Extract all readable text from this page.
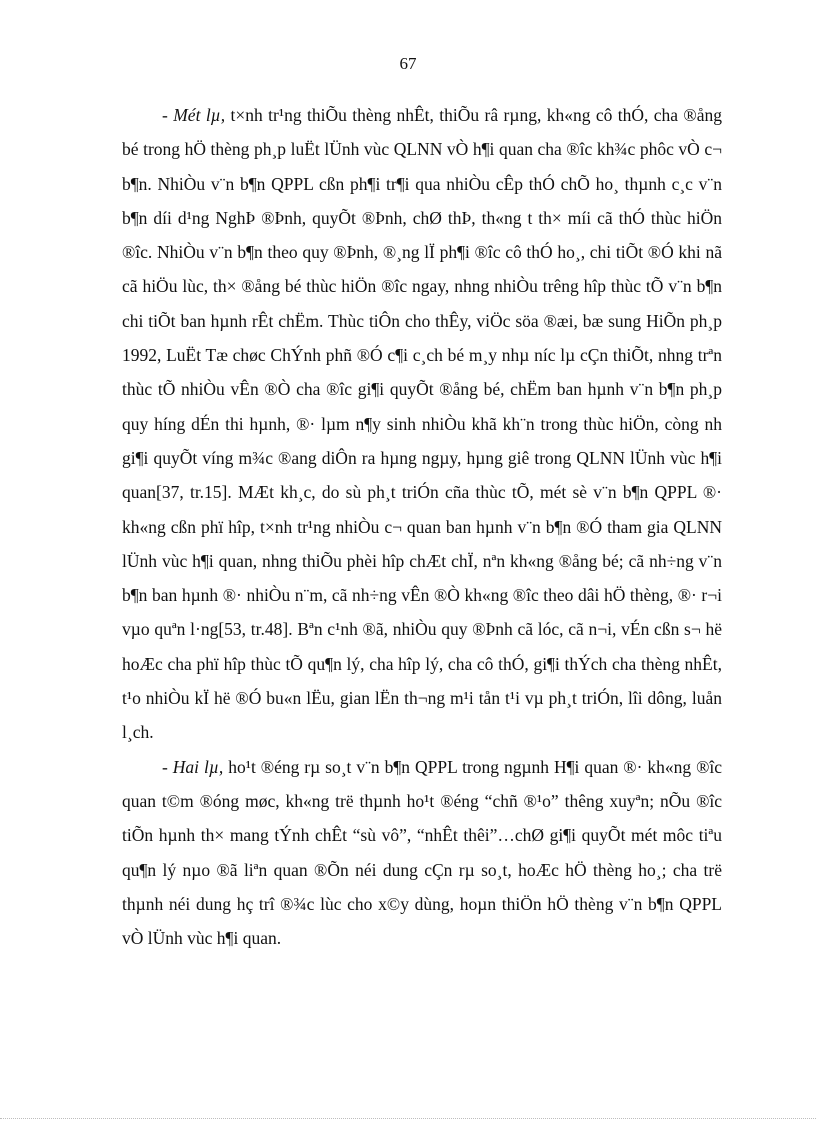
67

- Mét lµ, t×nh tr¹ng thiÕu thèng nhÊt, thiÕu râ rµng, kh«ng cô thÓ, cha ®ång bé trong hÖ thèng ph¸p luËt lÜnh vùc QLNN vÒ h¶i quan cha ®îc kh¾c phôc vÒ c¬ b¶n. NhiÒu v¨n b¶n QPPL cßn ph¶i tr¶i qua nhiÒu cÊp thÓ chÕ ho¸ thµnh c¸c v¨n b¶n díi d¹ng NghÞ ®Þnh, quyÕt ®Þnh, chØ thÞ, th«ng t th× míi cã thÓ thùc hiÖn ®îc. NhiÒu v¨n b¶n theo quy ®Þnh, ®¸ng lÏ ph¶i ®îc cô thÓ ho¸, chi tiÕt ®Ó khi nã cã hiÖu lùc, th× ®ång bé thùc hiÖn ®îc ngay, nhng nhiÒu trêng hîp thùc tÕ v¨n b¶n chi tiÕt ban hµnh rÊt chËm. Thùc tiÔn cho thÊy, viÖc söa ®æi, bæ sung HiÕn ph¸p 1992, LuËt Tæ chøc ChÝnh phñ ®Ó c¶i c¸ch bé m¸y nhµ níc lµ cÇn thiÕt, nhng trªn thùc tÕ nhiÒu vÊn ®Ò cha ®îc gi¶i quyÕt ®ång bé, chËm ban hµnh v¨n b¶n ph¸p quy híng dÉn thi hµnh, ®· lµm n¶y sinh nhiÒu khã kh¨n trong thùc hiÖn, còng nh gi¶i quyÕt víng m¾c ®ang diÔn ra hµng ngµy, hµng giê trong QLNN lÜnh vùc h¶i quan[37, tr.15]. MÆt kh¸c, do sù ph¸t triÓn cña thùc tÕ, mét sè v¨n b¶n QPPL ®· kh«ng cßn phï hîp, t×nh tr¹ng nhiÒu c¬ quan ban hµnh v¨n b¶n ®Ó tham gia QLNN lÜnh vùc h¶i quan, nhng thiÕu phèi hîp chÆt chÏ, nªn kh«ng ®ång bé; cã nh÷ng v¨n b¶n ban hµnh ®· nhiÒu n¨m, cã nh÷ng vÊn ®Ò kh«ng ®îc theo dâi hÖ thèng, ®· r¬i vµo quªn l·ng[53, tr.48]. Bªn c¹nh ®ã, nhiÒu quy ®Þnh cã lóc, cã n¬i, vÉn cßn s¬ hë hoÆc cha phï hîp thùc tÕ qu¶n lý, cha hîp lý, cha cô thÓ, gi¶i thÝch cha thèng nhÊt, t¹o nhiÒu kÏ hë ®Ó bu«n lËu, gian lËn th¬ng m¹i tån t¹i vµ ph¸t triÓn, lîi dông, luån l¸ch.

- Hai lµ, ho¹t ®éng rµ so¸t v¨n b¶n QPPL trong ngµnh H¶i quan ®· kh«ng ®îc quan t©m ®óng møc, kh«ng trë thµnh ho¹t ®éng “chñ ®¹o” thêng xuyªn; nÕu ®îc tiÕn hµnh th× mang tÝnh chÊt “sù vô”, “nhÊt thêi”…chØ gi¶i quyÕt mét môc tiªu qu¶n lý nµo ®ã liªn quan ®Õn néi dung cÇn rµ so¸t, hoÆc hÖ thèng ho¸; cha trë thµnh néi dung hç trî ®¾c lùc cho x©y dùng, hoµn thiÖn hÖ thèng v¨n b¶n QPPL vÒ lÜnh vùc h¶i quan.
